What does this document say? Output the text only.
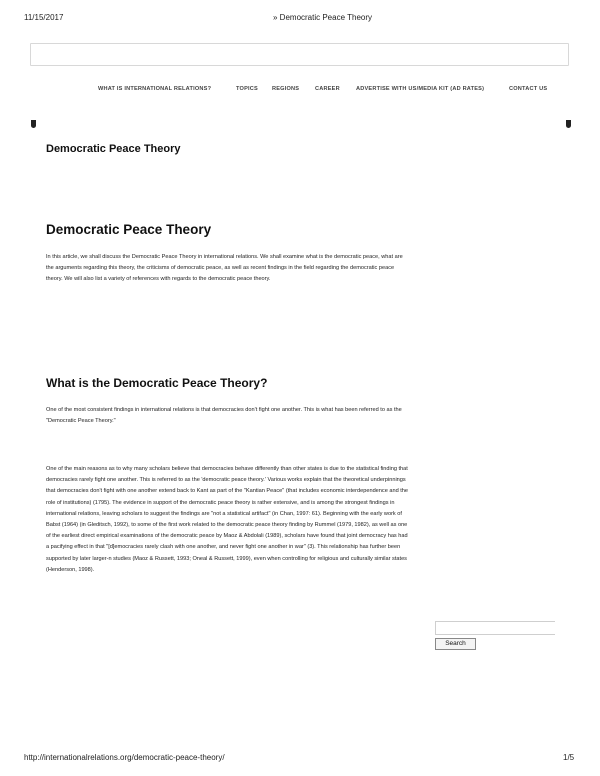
11/15/2017	» Democratic Peace Theory
WHAT IS INTERNATIONAL RELATIONS?	TOPICS	REGIONS	CAREER	ADVERTISE WITH US/MEDIA KIT (AD RATES)	CONTACT US
Democratic Peace Theory
Democratic Peace Theory
In this article, we shall discuss the Democratic Peace Theory in international relations. We shall examine what is the democratic peace, what are the arguments regarding this theory, the criticisms of democratic peace, as well as recent findings in the field regarding the democratic peace theory. We will also list a variety of references with regards to the democratic peace theory.
What is the Democratic Peace Theory?
One of the most consistent findings in international relations is that democracies don't fight one another. This is what has been referred to as the "Democratic Peace Theory."
One of the main reasons as to why many scholars believe that democracies behave differently than other states is due to the statistical finding that democracies rarely fight one another. This is referred to as the 'democratic peace theory.' Various works explain that the theoretical underpinnings that democracies don't fight with one another extend back to Kant as part of the "Kantian Peace" (that includes economic interdependence and the role of institutions) (1795). The evidence in support of the democratic peace theory is rather extensive, and is among the strongest findings in international relations, leaving scholars to suggest the findings are "not a statistical artifact" (in Chan, 1997: 61). Beginning with the early work of Babst (1964) (in Gleditsch, 1992), to some of the first work related to the democratic peace theory finding by Rummel (1979, 1982), as well as one of the earliest direct empirical examinations of the democratic peace by Maoz & Abdolali (1989), scholars have found that joint democracy has had a pacifying effect in that "[d]emocracies rarely clash with one another, and never fight one another in war" (3). This relationship has further been supported by later larger-n studies (Maoz & Russett, 1993; Oneal & Russett, 1999), even when controlling for religious and culturally similar states (Henderson, 1998).
Search
http://internationalrelations.org/democratic-peace-theory/	1/5
